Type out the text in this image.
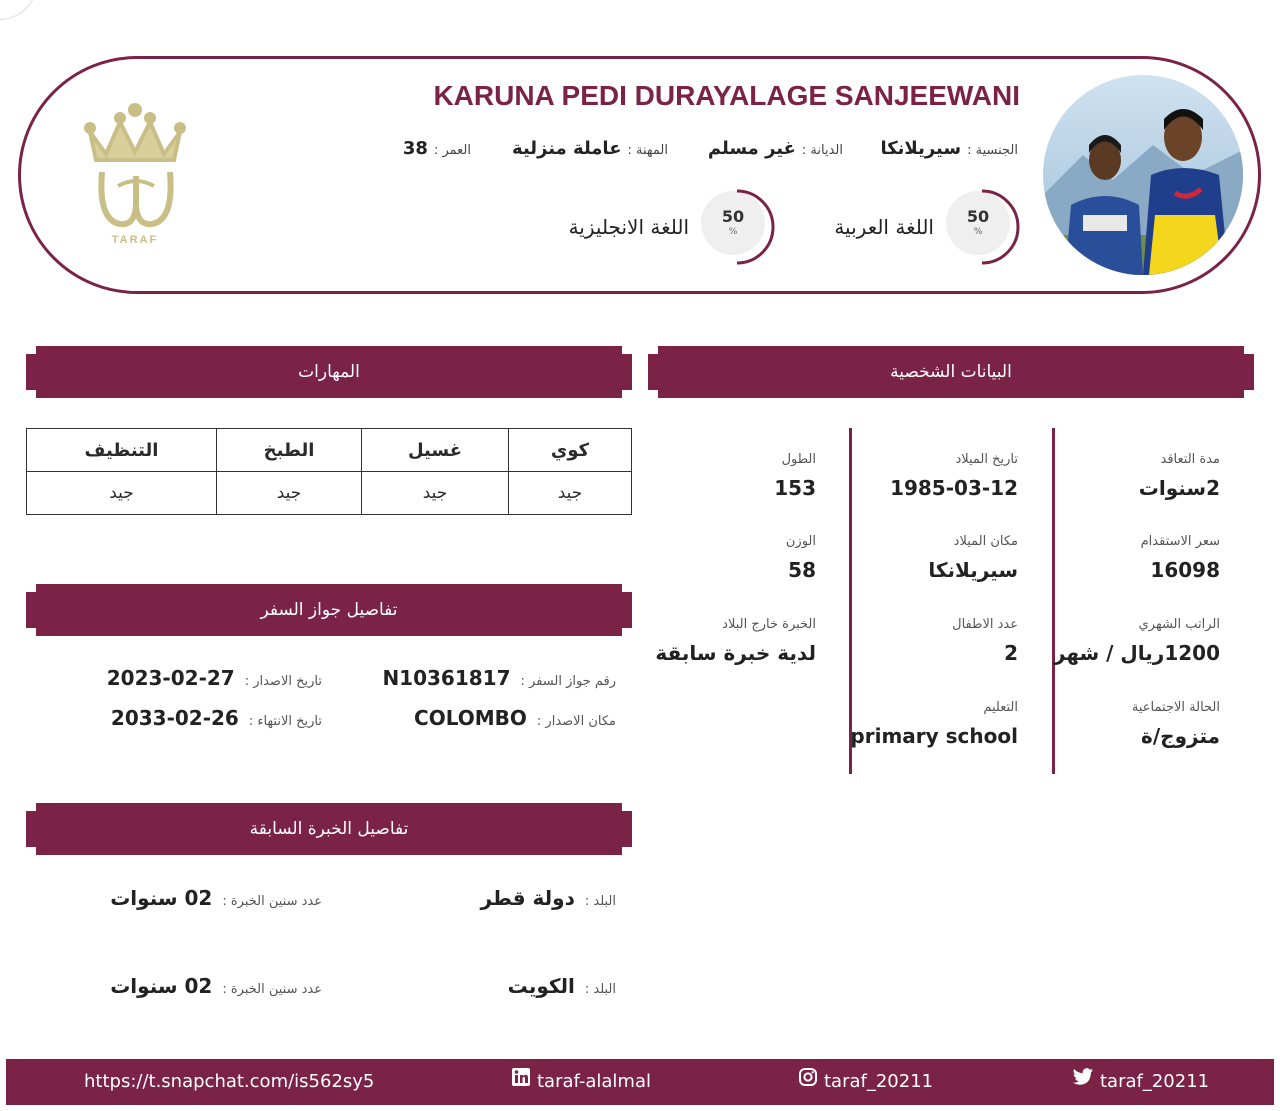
KARUNA PEDI DURAYALAGE SANJEEWANI
الجنسية :
سيريلانكا
الديانة :
غير مسلم
المهنة :
عاملة منزلية
العمر :
38
50
%
اللغة العربية
50
%
اللغة الانجليزية
TARAF
البيانات الشخصية
مدة التعاقد
2سنوات
سعر الاستقدام
16098
الراتب الشهري
1200ريال / شهر
الحالة الاجتماعية
متزوج/ة
تاريخ الميلاد
1985-03-12
مكان الميلاد
سيريلانكا
عدد الاطفال
2
التعليم
primary school
الطول
153
الوزن
58
الخبرة خارج البلاد
لدية خبرة سابقة
المهارات
كوي	غسيل	الطبخ	التنظيف
جيد	جيد	جيد	جيد
تفاصيل جواز السفر
رقم جواز السفر :
N10361817
تاريخ الاصدار :
2023-02-27
مكان الاصدار :
COLOMBO
تاريخ الانتهاء :
2033-02-26
تفاصيل الخبرة السابقة
البلد :
دولة قطر
عدد سنين الخبرة :
02 سنوات
البلد :
الكويت
عدد سنين الخبرة :
02 سنوات
https://t.snapchat.com/is562sy5	taraf-alalmal	taraf_20211	taraf_20211
